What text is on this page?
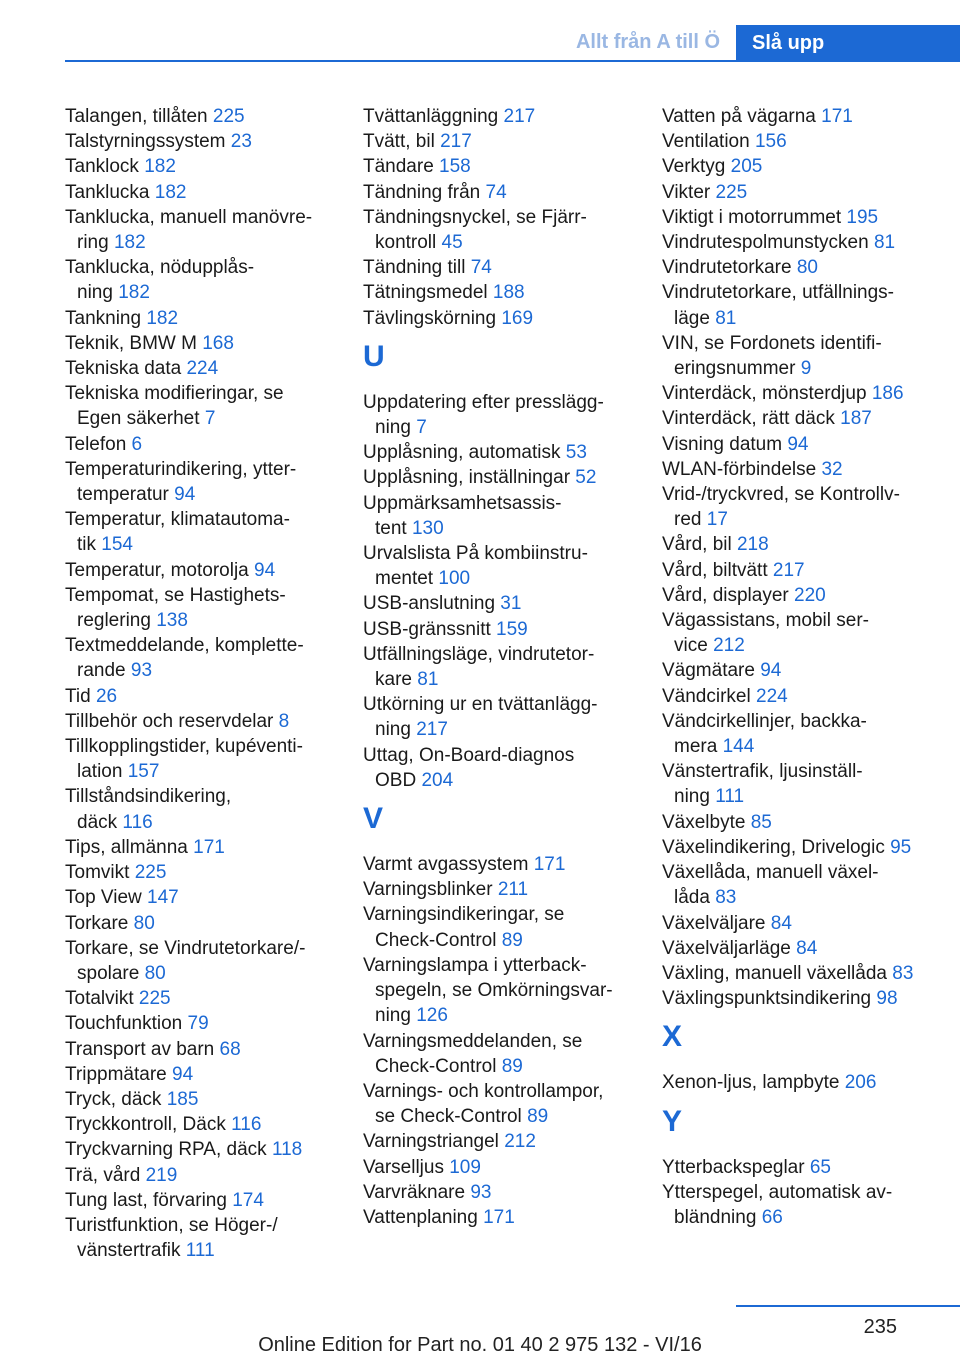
Allt från A till Ö	Slå upp
Talangen, tillåten 225
Talstyrningssystem 23
Tanklock 182
Tanklucka 182
Tanklucka, manuell manövre-
ring 182
Tanklucka, nödupplås-
ning 182
Tankning 182
Teknik, BMW M 168
Tekniska data 224
Tekniska modifieringar, se
Egen säkerhet 7
Telefon 6
Temperaturindikering, ytter-
temperatur 94
Temperatur, klimatautoma-
tik 154
Temperatur, motorolja 94
Tempomat, se Hastighets-
reglering 138
Textmeddelande, komplette-
rande 93
Tid 26
Tillbehör och reservdelar 8
Tillkopplingstider, kupéventi-
lation 157
Tillståndsindikering,
däck 116
Tips, allmänna 171
Tomvikt 225
Top View 147
Torkare 80
Torkare, se Vindrutetorkare/-
spolare 80
Totalvikt 225
Touchfunktion 79
Transport av barn 68
Trippmätare 94
Tryck, däck 185
Tryckkontroll, Däck 116
Tryckvarning RPA, däck 118
Trä, vård 219
Tung last, förvaring 174
Turistfunktion, se Höger-/
vänstertrafik 111
Tvättanläggning 217
Tvätt, bil 217
Tändare 158
Tändning från 74
Tändningsnyckel, se Fjärr-
kontroll 45
Tändning till 74
Tätningsmedel 188
Tävlingskörning 169
U
Uppdatering efter presslägg-
ning 7
Upplåsning, automatisk 53
Upplåsning, inställningar 52
Uppmärksamhetsassis-
tent 130
Urvalslista På kombiinstru-
mentet 100
USB-anslutning 31
USB-gränssnitt 159
Utfällningsläge, vindrutetor-
kare 81
Utkörning ur en tvättanlägg-
ning 217
Uttag, On-Board-diagnos
OBD 204
V
Varmt avgassystem 171
Varningsblinker 211
Varningsindikeringar, se
Check-Control 89
Varningslampa i ytterback-
spegeln, se Omkörningsvar-
ning 126
Varningsmeddelanden, se
Check-Control 89
Varnings- och kontrollampor,
se Check-Control 89
Varningstriangel 212
Varselljus 109
Varvräknare 93
Vattenplaning 171
Vatten på vägarna 171
Ventilation 156
Verktyg 205
Vikter 225
Viktigt i motorrummet 195
Vindrutespolmunstycken 81
Vindrutetorkare 80
Vindrutetorkare, utfällnings-
läge 81
VIN, se Fordonets identifi-
eringsnummer 9
Vinterdäck, mönsterdjup 186
Vinterdäck, rätt däck 187
Visning datum 94
WLAN-förbindelse 32
Vrid-/tryckvred, se Kontrollv-
red 17
Vård, bil 218
Vård, biltvätt 217
Vård, displayer 220
Vägassistans, mobil ser-
vice 212
Vägmätare 94
Vändcirkel 224
Vändcirkellinjer, backka-
mera 144
Vänstertrafik, ljusinställ-
ning 111
Växelbyte 85
Växelindikering, Drivelogic 95
Växellåda, manuell växel-
låda 83
Växelväljare 84
Växelväljarläge 84
Växling, manuell växellåda 83
Växlingspunktsindikering 98
X
Xenon-ljus, lampbyte 206
Y
Ytterbackspeglar 65
Ytterspegel, automatisk av-
bländning 66
235
Online Edition for Part no. 01 40 2 975 132 - VI/16
